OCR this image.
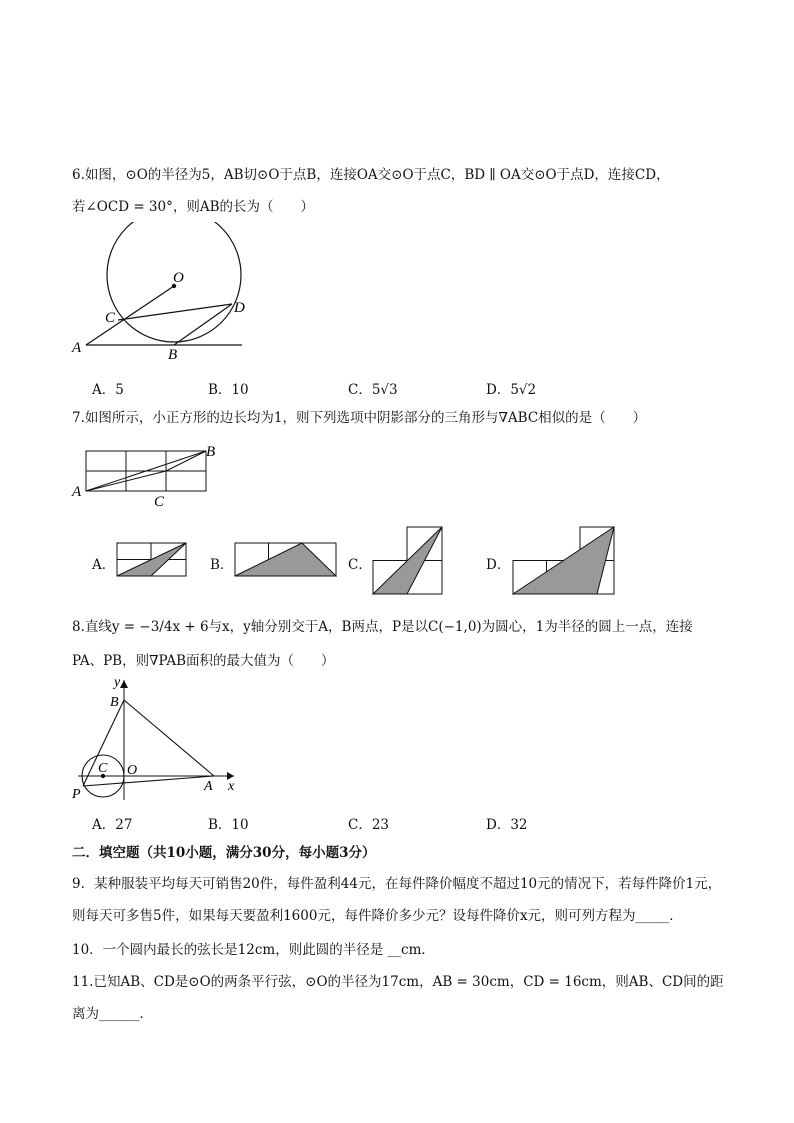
6.如图，⊙O的半径为5，AB切⊙O于点B，连接OA交⊙O于点C，BD ∥ OA交⊙O于点D，连接CD，
若∠OCD = 30°，则AB的长为（　　）
O
C
D
A	B
A．5	B．10	C．5√3	D．5√2
7.如图所示，小正方形的边长均为1，则下列选项中阴影部分的三角形与∇ABC相似的是（　　）
B
A
C
A．	B．	C．	D．
8.直线y = −3/4x + 6与x，y轴分别交于A，B两点，P是以C(−1,0)为圆心，1为半径的圆上一点，连接
PA、PB，则∇PAB面积的最大值为（　　）
y
B
C O
P
A x
A．27	B．10	C．23	D．32
二．填空题（共10小题，满分30分，每小题3分）
9．某种服装平均每天可销售20件，每件盈利44元，在每件降价幅度不超过10元的情况下，若每件降价1元，
则每天可多售5件，如果每天要盈利1600元，每件降价多少元？设每件降价x元，则可列方程为_____．
10．一个圆内最长的弦长是12cm，则此圆的半径是 __cm．
11.已知AB、CD是⊙O的两条平行弦，⊙O的半径为17cm，AB = 30cm，CD = 16cm，则AB、CD间的距
离为______．
